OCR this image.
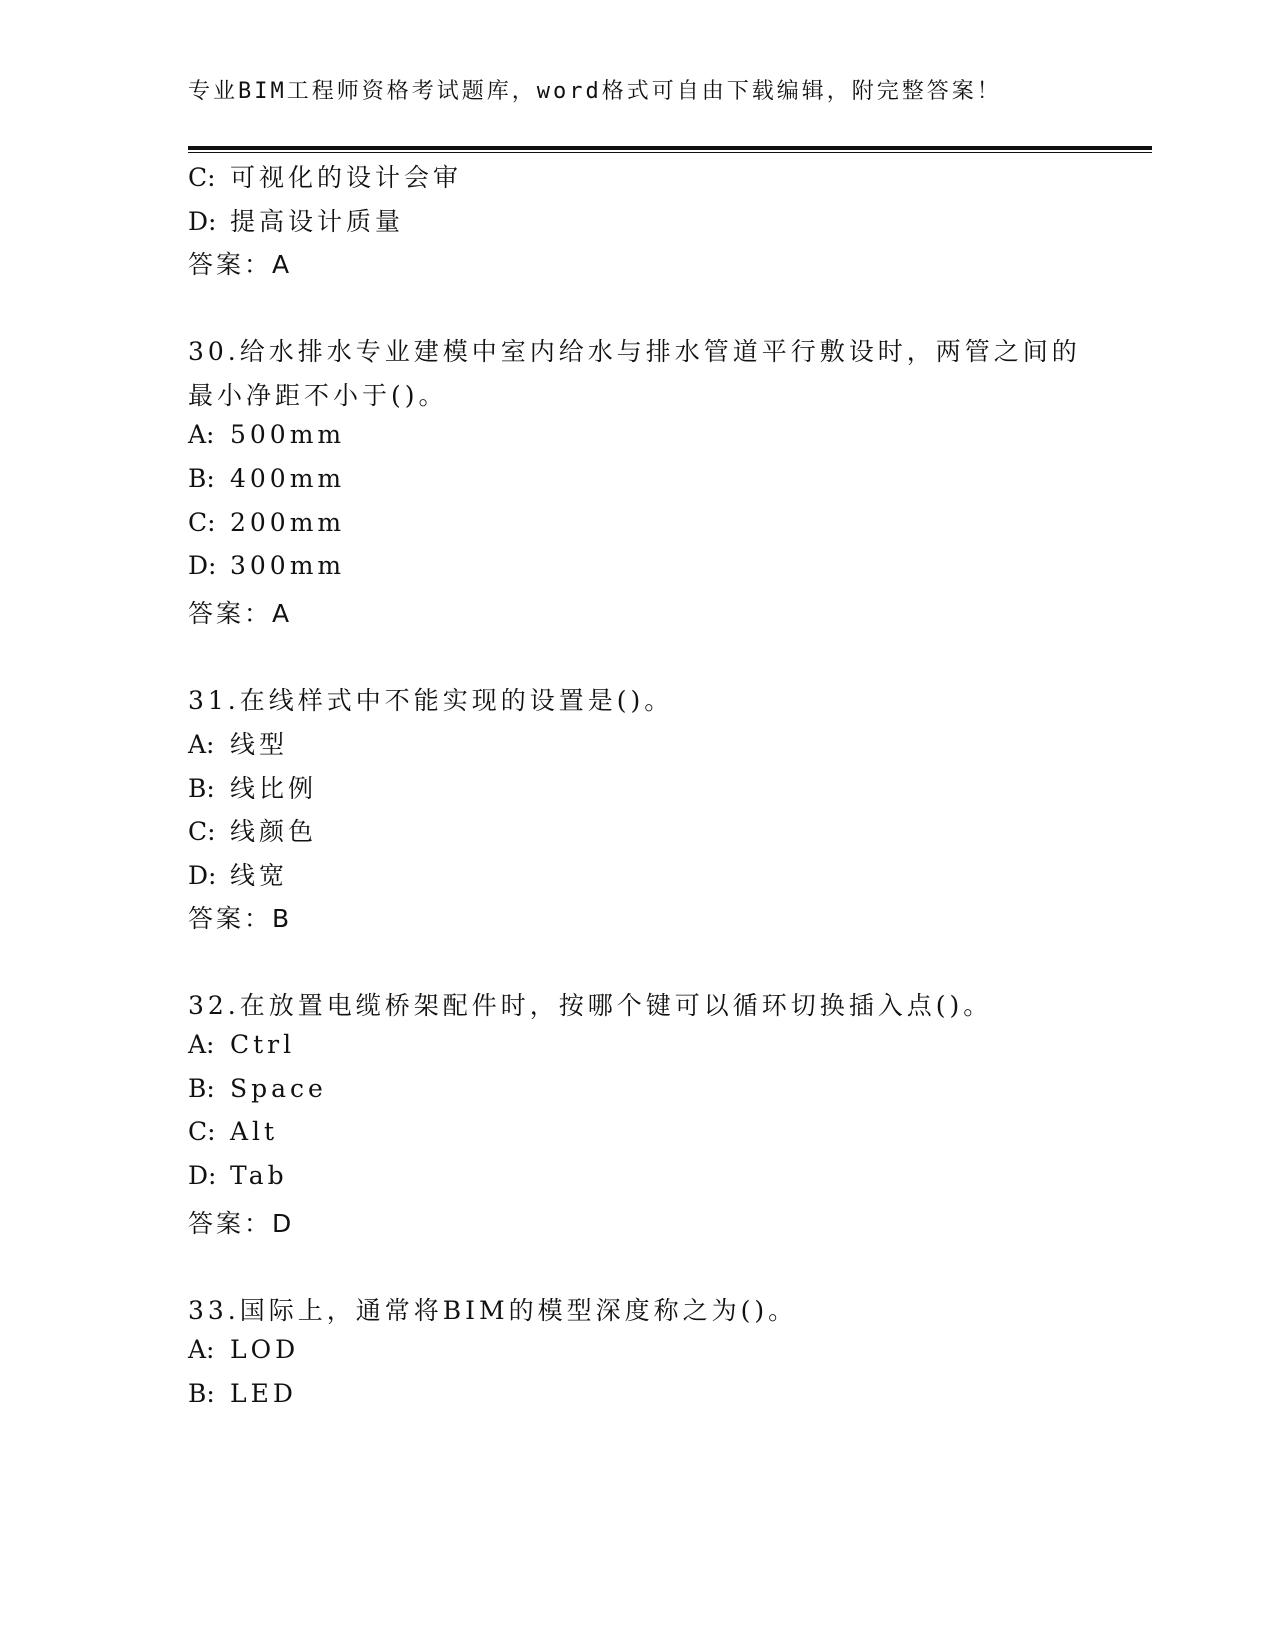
专业BIM工程师资格考试题库，word格式可自由下载编辑，附完整答案！
C: 可视化的设计会审
D: 提高设计质量
答案：A
30.给水排水专业建模中室内给水与排水管道平行敷设时，两管之间的
最小净距不小于()。
A: 500mm
B: 400mm
C: 200mm
D: 300mm
答案：A
31.在线样式中不能实现的设置是()。
A: 线型
B: 线比例
C: 线颜色
D: 线宽
答案：B
32.在放置电缆桥架配件时，按哪个键可以循环切换插入点()。
A: Ctrl
B: Space
C: Alt
D: Tab
答案：D
33.国际上，通常将BIM的模型深度称之为()。
A: LOD
B: LED
